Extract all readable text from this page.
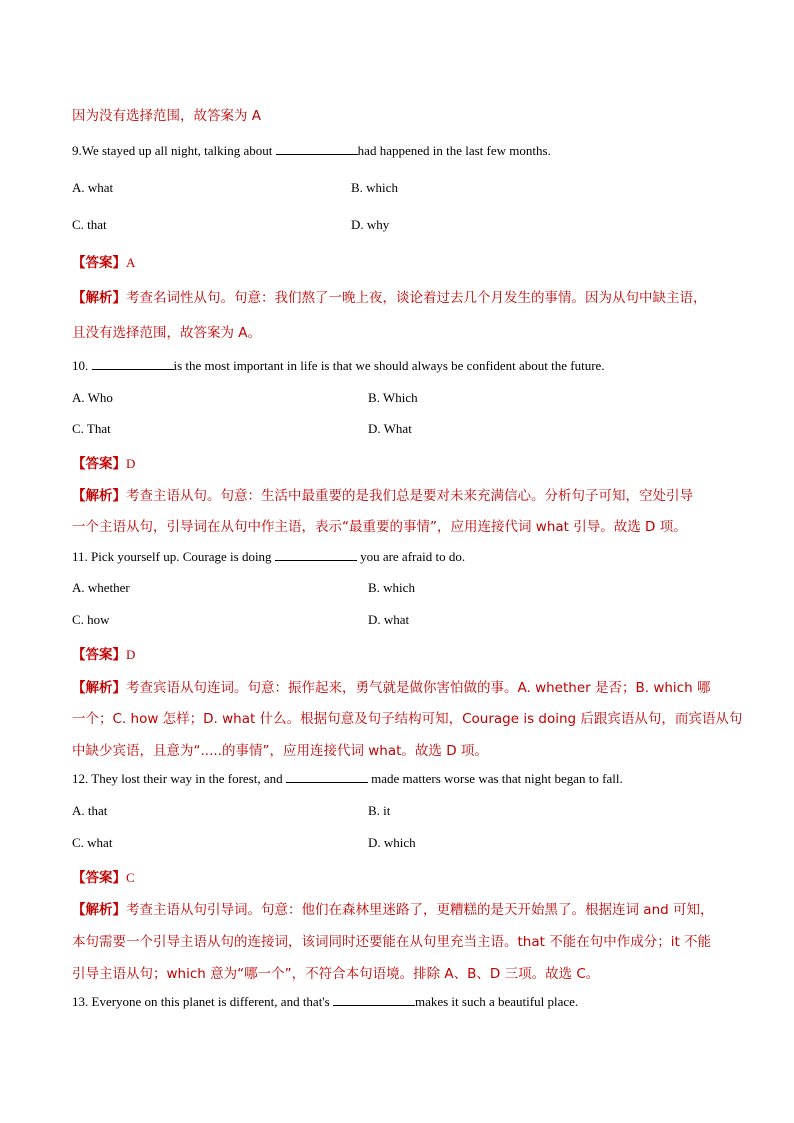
因为没有选择范围，故答案为 A
9.We stayed up all night, talking about	had happened in the last few months.
A. what	B. which
C. that	D. why
【答案】A
【解析】考查名词性从句。句意：我们熬了一晚上夜，谈论着过去几个月发生的事情。因为从句中缺主语，
且没有选择范围，故答案为 A。
10.	is the most important in life is that we should always be confident about the future.
A. Who	B. Which
C. That	D. What
【答案】D
【解析】考查主语从句。句意：生活中最重要的是我们总是要对未来充满信心。分析句子可知，空处引导
一个主语从句，引导词在从句中作主语，表示“最重要的事情”，应用连接代词 what 引导。故选 D 项。
11. Pick yourself up. Courage is doing	you are afraid to do.
A. whether	B. which
C. how	D. what
【答案】D
【解析】考查宾语从句连词。句意：振作起来，勇气就是做你害怕做的事。A. whether 是否；B. which 哪
一个；C. how 怎样；D. what 什么。根据句意及句子结构可知，Courage is doing 后跟宾语从句，而宾语从句
中缺少宾语，且意为“.....的事情”，应用连接代词 what。故选 D 项。
12. They lost their way in the forest, and	made matters worse was that night began to fall.
A. that	B. it
C. what	D. which
【答案】C
【解析】考查主语从句引导词。句意：他们在森林里迷路了，更糟糕的是天开始黑了。根据连词 and 可知，
本句需要一个引导主语从句的连接词，该词同时还要能在从句里充当主语。that 不能在句中作成分；it 不能
引导主语从句；which 意为“哪一个”，不符合本句语境。排除 A、B、D 三项。故选 C。
13. Everyone on this planet is different, and that's	makes it such a beautiful place.
